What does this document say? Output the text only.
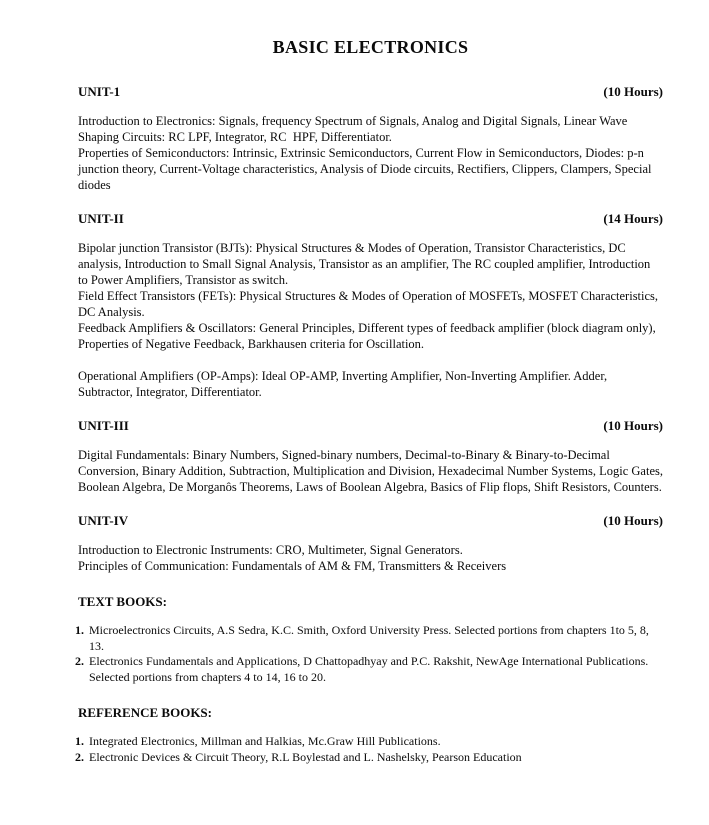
BASIC ELECTRONICS
UNIT-1	(10 Hours)

Introduction to Electronics: Signals, frequency Spectrum of Signals, Analog and Digital Signals, Linear Wave Shaping Circuits: RC LPF, Integrator, RC  HPF, Differentiator.

Properties of Semiconductors: Intrinsic, Extrinsic Semiconductors, Current Flow in Semiconductors, Diodes: p-n junction theory, Current-Voltage characteristics, Analysis of Diode circuits, Rectifiers, Clippers, Clampers, Special diodes

UNIT-II	(14 Hours)

Bipolar junction Transistor (BJTs): Physical Structures & Modes of Operation, Transistor Characteristics, DC analysis, Introduction to Small Signal Analysis, Transistor as an amplifier, The RC coupled amplifier, Introduction to Power Amplifiers, Transistor as switch.

Field Effect Transistors (FETs): Physical Structures & Modes of Operation of MOSFETs, MOSFET Characteristics, DC Analysis.

Feedback Amplifiers & Oscillators: General Principles, Different types of feedback amplifier (block diagram only), Properties of Negative Feedback, Barkhausen criteria for Oscillation.

Operational Amplifiers (OP-Amps): Ideal OP-AMP, Inverting Amplifier, Non-Inverting Amplifier. Adder, Subtractor, Integrator, Differentiator.

UNIT-III	(10 Hours)

Digital Fundamentals: Binary Numbers, Signed-binary numbers, Decimal-to-Binary & Binary-to-Decimal Conversion, Binary Addition, Subtraction, Multiplication and Division, Hexadecimal Number Systems, Logic Gates, Boolean Algebra, De Morganôs Theorems, Laws of Boolean Algebra, Basics of Flip flops, Shift Resistors, Counters.

UNIT-IV	(10 Hours)

Introduction to Electronic Instruments: CRO, Multimeter, Signal Generators.

Principles of Communication: Fundamentals of AM & FM, Transmitters & Receivers

TEXT BOOKS:
1. Microelectronics Circuits, A.S Sedra, K.C. Smith, Oxford University Press. Selected portions from chapters 1to 5, 8, 13.

2. Electronics Fundamentals and Applications, D Chattopadhyay and P.C. Rakshit, NewAge International Publications. Selected portions from chapters 4 to 14, 16 to 20.

REFERENCE BOOKS:
1. Integrated Electronics, Millman and Halkias, Mc.Graw Hill Publications.

2. Electronic Devices & Circuit Theory, R.L Boylestad and L. Nashelsky, Pearson Education
